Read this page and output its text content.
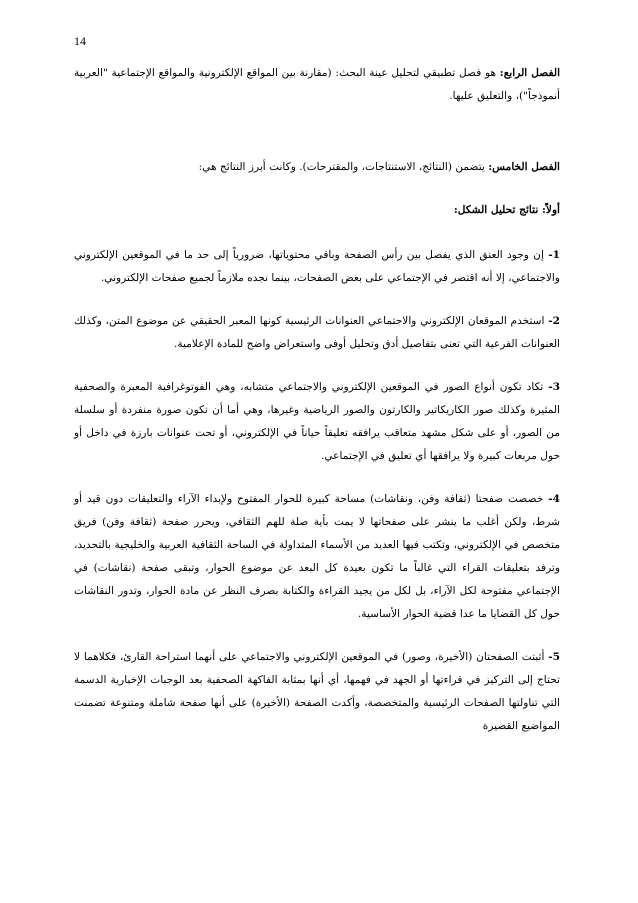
14

الفصل الرابع: هو فصل تطبيقي لتحليل عينة البحث: (مقارنة بين المواقع الإلكترونية والمواقع الإجتماعية "العربية أنموذجاً")، والتعليق عليها.

الفصل الخامس: يتضمن (النتائج، الاستنتاجات، والمقترحات). وكانت أبرز النتائج هي:

أولاً: نتائج تحليل الشكل:

1- إن وجود العنق الذي يفصل بين رأس الصفحة وباقي محتوياتها، ضرورياً إلى حد ما في الموقعين الإلكتروني والاجتماعي، إلا أنه اقتصر في الإجتماعي على بعض الصفحات، بينما نجده ملازماً لجميع صفحات الإلكتروني.

2- استخدم الموقعان الإلكتروني والاجتماعي العنوانات الرئيسية كونها المعبر الحقيقي عن موضوع المتن، وكذلك العنوانات الفرعية التي تعنى بتفاصيل أدق وتحليل أوفى واستعراض واضح للمادة الإعلامية.

3- تكاد تكون أنواع الصور في الموقعين الإلكتروني والاجتماعي متشابه، وهي الفوتوغرافية المعبرة والصحفية المثيرة وكذلك صور الكاريكاتير والكارتون والصور الرياضية وغيرها، وهي أما أن تكون صورة منفردة أو سلسلة من الصور، أو على شكل مشهد متعاقب يرافقه تعليقاً حياناً في الإلكتروني، أو تحت عنوانات بارزة في داخل أو حول مربعات كبيرة ولا يرافقها أي تعليق في الإجتماعي.

4- خصصت صفحتا (ثقافة وفن، ونقاشات) مساحة كبيرة للحوار المفتوح ولإبداء الآراء والتعليقات دون قيد أو شرط، ولكن أغلب ما ينشر على صفحاتها لا يمت بأية صلة للهم الثقافي، ويحرر صفحة (ثقافة وفن) فريق متخصص في الإلكتروني، وتكتب فيها العديد من الأسماء المتداولة في الساحة الثقافية العربية والخليجية بالتحديد، وترفد بتعليقات القراء التي غالباً ما تكون بعيدة كل البعد عن موضوع الحوار، وتبقى صفحة (نقاشات) في الإجتماعي مفتوحة لكل الآراء، بل لكل من يجيد القراءة والكتابة بصرف النظر عن مادة الحوار، وتدور النقاشات حول كل القضايا ما عدا قضية الحوار الأساسية.

5- أثبتت الصفحتان (الأخيرة، وصور) في الموقعين الإلكتروني والاجتماعي على أنهما استراحة القارئ، فكلاهما لا تحتاج إلى التركيز في قراءتها أو الجهد في فهمها، أي أنها بمثابة الفاكهة الصحفية بعد الوجبات الإخبارية الدسمة التي تناولتها الصفحات الرئيسية والمتخصصة، وأكدت الصفحة (الأخيرة) على أنها صفحة شاملة ومتنوعة تضمنت المواضيع القصيرة
